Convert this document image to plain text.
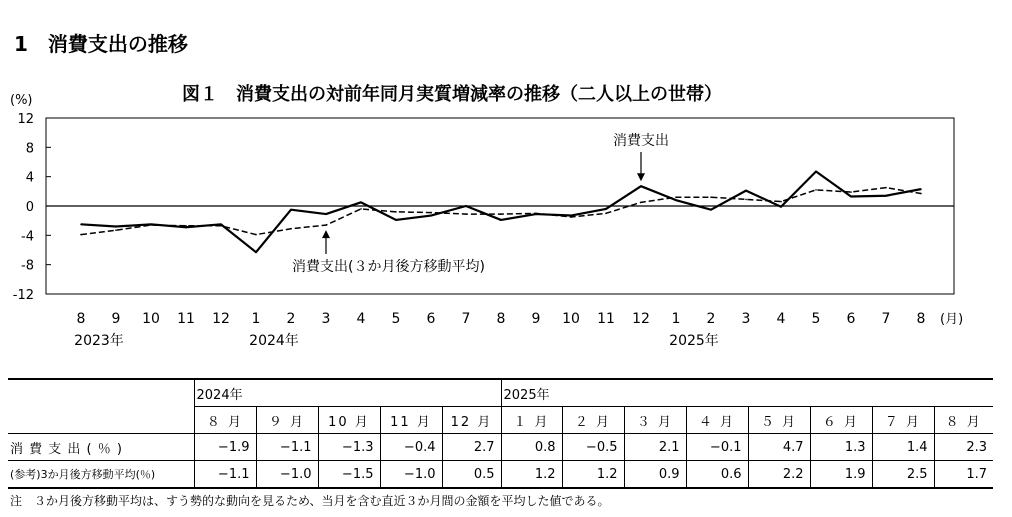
1　消費支出の推移
図１　消費支出の対前年同月実質増減率の推移（二人以上の世帯）
(%)
(月)
12
8
4
0
-4
-8
-12
8 9 10 11 12 1 2 3 4 5 6 7 8 9 10 11 12 1 2 3 4 5 6 7 8
2023年	2024年	2025年
消費支出
消費支出(３か月後方移動平均)
	2024年					2025年							
	８ 月	９ 月	10 月	11 月	12 月	１ 月	２ 月	３ 月	４ 月	５ 月	６ 月	７ 月	８ 月
消 費 支 出 ( ％ )	−1.9	−1.1	−1.3	−0.4	2.7	0.8	−0.5	2.1	−0.1	4.7	1.3	1.4	2.3
(参考)3か月後方移動平均(％)	−1.1	−1.0	−1.5	−1.0	0.5	1.2	1.2	0.9	0.6	2.2	1.9	2.5	1.7
注　３か月後方移動平均は、すう勢的な動向を見るため、当月を含む直近３か月間の金額を平均した値である。
